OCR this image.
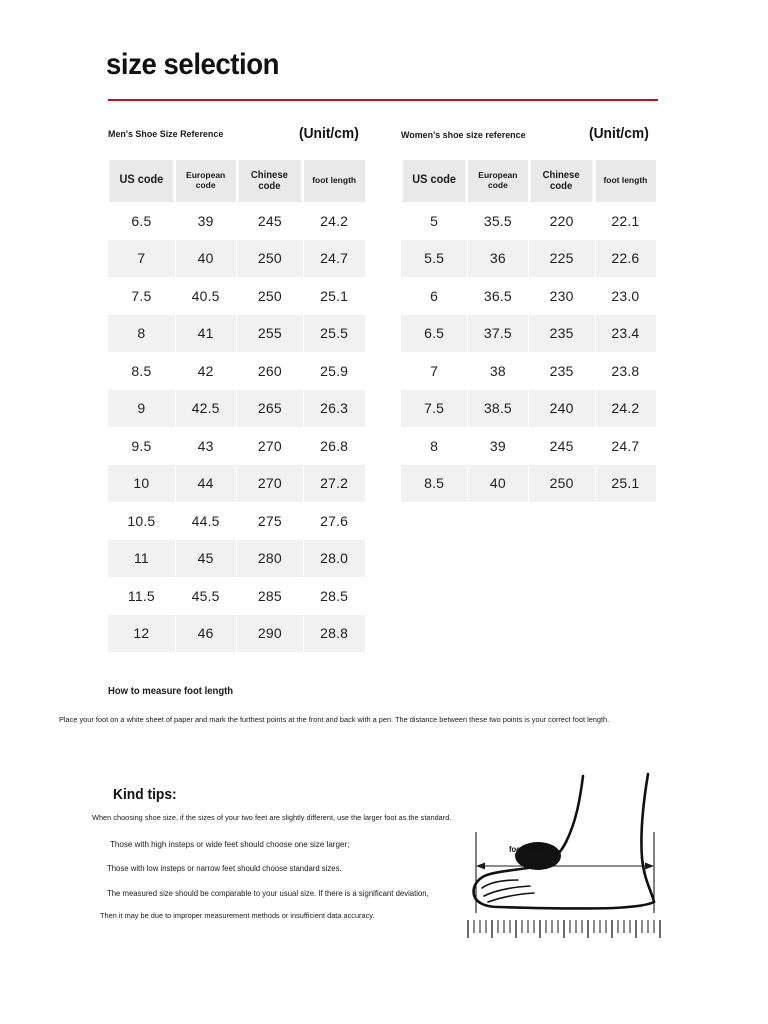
size selection
Men's Shoe Size Reference	(Unit/cm)	Women's shoe size reference	(Unit/cm)
US code	European
code	Chinese code	foot length
6.5	39	245	24.2
7	40	250	24.7
7.5	40.5	250	25.1
8	41	255	25.5
8.5	42	260	25.9
9	42.5	265	26.3
9.5	43	270	26.8
10	44	270	27.2
10.5	44.5	275	27.6
11	45	280	28.0
11.5	45.5	285	28.5
12	46	290	28.8
US code	European
code	Chinese code	foot length
5	35.5	220	22.1
5.5	36	225	22.6
6	36.5	230	23.0
6.5	37.5	235	23.4
7	38	235	23.8
7.5	38.5	240	24.2
8	39	245	24.7
8.5	40	250	25.1
How to measure foot length
Place your foot on a white sheet of paper and mark the furthest points at the front and back with a pen. The distance between these two points is your correct foot length.
Kind tips:
When choosing shoe size, if the sizes of your two feet are slightly different, use the larger foot as the standard.
Those with high insteps or wide feet should choose one size larger;
Those with low insteps or narrow feet should choose standard sizes.
The measured size should be comparable to your usual size. If there is a significant deviation,
Then it may be due to improper measurement methods or insufficient data accuracy.
foot length
